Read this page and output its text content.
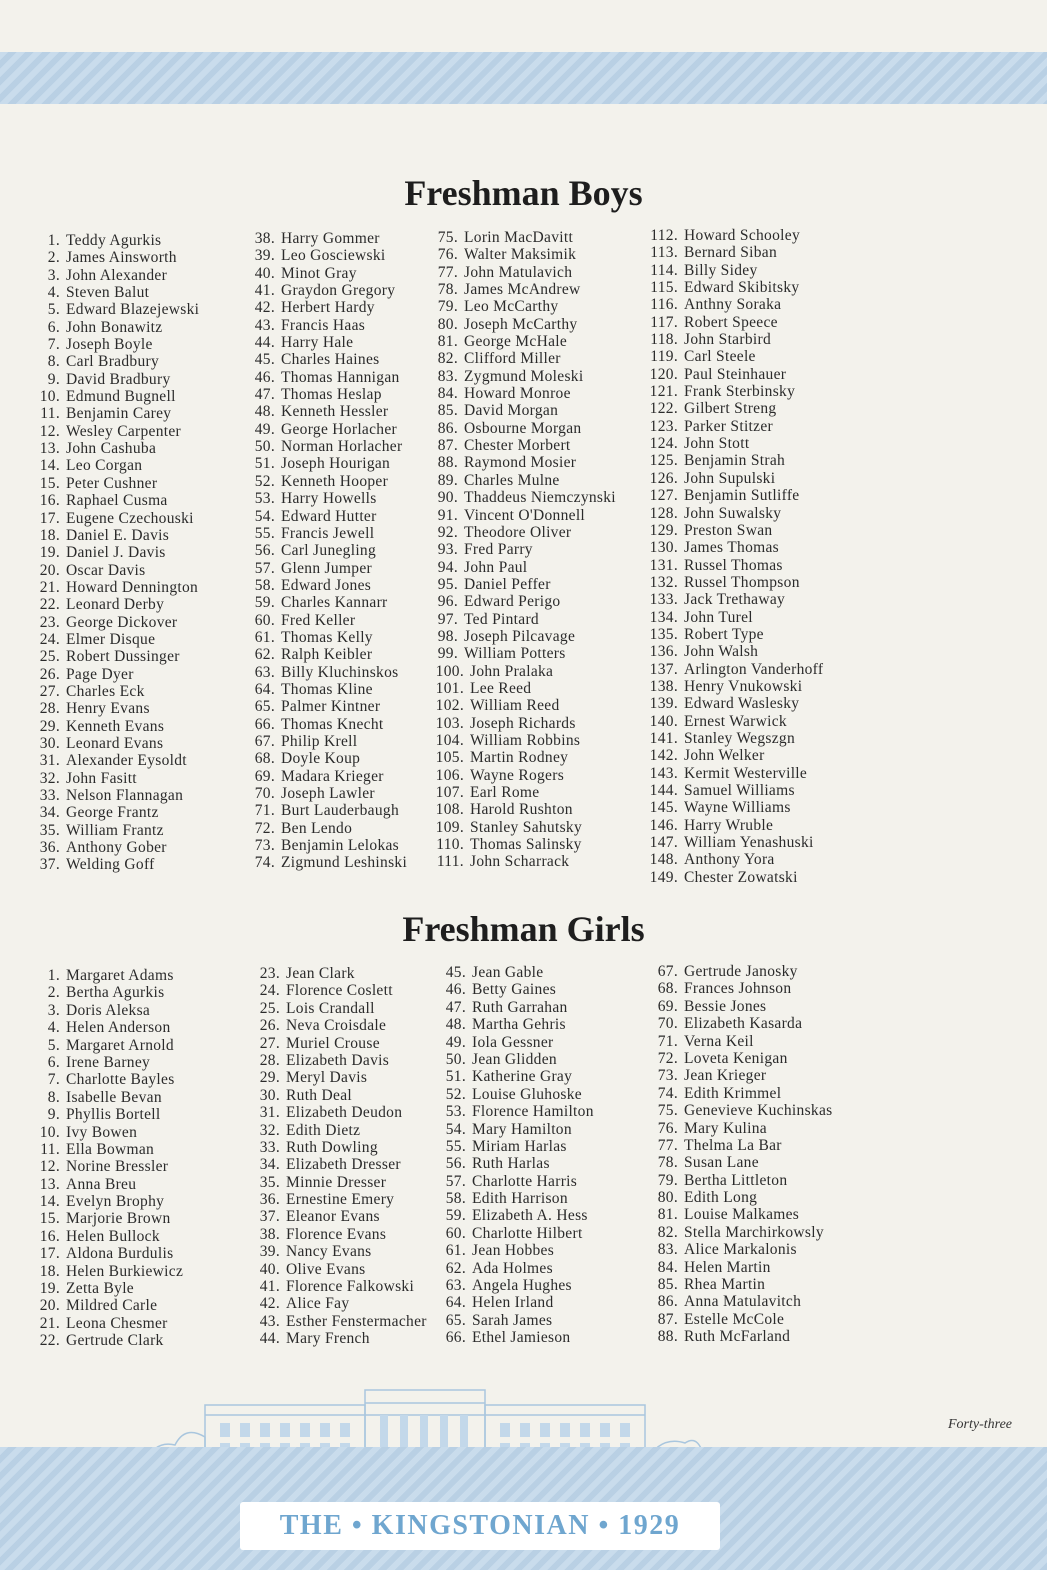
Freshman Boys
1. Teddy Agurkis
2. James Ainsworth
3. John Alexander
4. Steven Balut
5. Edward Blazejewski
6. John Bonawitz
7. Joseph Boyle
8. Carl Bradbury
9. David Bradbury
10. Edmund Bugnell
11. Benjamin Carey
12. Wesley Carpenter
13. John Cashuba
14. Leo Corgan
15. Peter Cushner
16. Raphael Cusma
17. Eugene Czechouski
18. Daniel E. Davis
19. Daniel J. Davis
20. Oscar Davis
21. Howard Dennington
22. Leonard Derby
23. George Dickover
24. Elmer Disque
25. Robert Dussinger
26. Page Dyer
27. Charles Eck
28. Henry Evans
29. Kenneth Evans
30. Leonard Evans
31. Alexander Eysoldt
32. John Fasitt
33. Nelson Flannagan
34. George Frantz
35. William Frantz
36. Anthony Gober
37. Welding Goff
38. Harry Gommer
39. Leo Gosciewski
40. Minot Gray
41. Graydon Gregory
42. Herbert Hardy
43. Francis Haas
44. Harry Hale
45. Charles Haines
46. Thomas Hannigan
47. Thomas Heslap
48. Kenneth Hessler
49. George Horlacher
50. Norman Horlacher
51. Joseph Hourigan
52. Kenneth Hooper
53. Harry Howells
54. Edward Hutter
55. Francis Jewell
56. Carl Junegling
57. Glenn Jumper
58. Edward Jones
59. Charles Kannarr
60. Fred Keller
61. Thomas Kelly
62. Ralph Keibler
63. Billy Kluchinskos
64. Thomas Kline
65. Palmer Kintner
66. Thomas Knecht
67. Philip Krell
68. Doyle Koup
69. Madara Krieger
70. Joseph Lawler
71. Burt Lauderbaugh
72. Ben Lendo
73. Benjamin Lelokas
74. Zigmund Leshinski
75. Lorin MacDavitt
76. Walter Maksimik
77. John Matulavich
78. James McAndrew
79. Leo McCarthy
80. Joseph McCarthy
81. George McHale
82. Clifford Miller
83. Zygmund Moleski
84. Howard Monroe
85. David Morgan
86. Osbourne Morgan
87. Chester Morbert
88. Raymond Mosier
89. Charles Mulne
90. Thaddeus Niemczynski
91. Vincent O'Donnell
92. Theodore Oliver
93. Fred Parry
94. John Paul
95. Daniel Peffer
96. Edward Perigo
97. Ted Pintard
98. Joseph Pilcavage
99. William Potters
100. John Pralaka
101. Lee Reed
102. William Reed
103. Joseph Richards
104. William Robbins
105. Martin Rodney
106. Wayne Rogers
107. Earl Rome
108. Harold Rushton
109. Stanley Sahutsky
110. Thomas Salinsky
111. John Scharrack
112. Howard Schooley
113. Bernard Siban
114. Billy Sidey
115. Edward Skibitsky
116. Anthny Soraka
117. Robert Speece
118. John Starbird
119. Carl Steele
120. Paul Steinhauer
121. Frank Sterbinsky
122. Gilbert Streng
123. Parker Stitzer
124. John Stott
125. Benjamin Strah
126. John Supulski
127. Benjamin Sutliffe
128. John Suwalsky
129. Preston Swan
130. James Thomas
131. Russel Thomas
132. Russel Thompson
133. Jack Trethaway
134. John Turel
135. Robert Type
136. John Walsh
137. Arlington Vanderhoff
138. Henry Vnukowski
139. Edward Waslesky
140. Ernest Warwick
141. Stanley Wegszgn
142. John Welker
143. Kermit Westerville
144. Samuel Williams
145. Wayne Williams
146. Harry Wruble
147. William Yenashuski
148. Anthony Yora
149. Chester Zowatski
Freshman Girls
1. Margaret Adams
2. Bertha Agurkis
3. Doris Aleksa
4. Helen Anderson
5. Margaret Arnold
6. Irene Barney
7. Charlotte Bayles
8. Isabelle Bevan
9. Phyllis Bortell
10. Ivy Bowen
11. Ella Bowman
12. Norine Bressler
13. Anna Breu
14. Evelyn Brophy
15. Marjorie Brown
16. Helen Bullock
17. Aldona Burdulis
18. Helen Burkiewicz
19. Zetta Byle
20. Mildred Carle
21. Leona Chesmer
22. Gertrude Clark
23. Jean Clark
24. Florence Coslett
25. Lois Crandall
26. Neva Croisdale
27. Muriel Crouse
28. Elizabeth Davis
29. Meryl Davis
30. Ruth Deal
31. Elizabeth Deudon
32. Edith Dietz
33. Ruth Dowling
34. Elizabeth Dresser
35. Minnie Dresser
36. Ernestine Emery
37. Eleanor Evans
38. Florence Evans
39. Nancy Evans
40. Olive Evans
41. Florence Falkowski
42. Alice Fay
43. Esther Fenstermacher
44. Mary French
45. Jean Gable
46. Betty Gaines
47. Ruth Garrahan
48. Martha Gehris
49. Iola Gessner
50. Jean Glidden
51. Katherine Gray
52. Louise Gluhoske
53. Florence Hamilton
54. Mary Hamilton
55. Miriam Harlas
56. Ruth Harlas
57. Charlotte Harris
58. Edith Harrison
59. Elizabeth A. Hess
60. Charlotte Hilbert
61. Jean Hobbes
62. Ada Holmes
63. Angela Hughes
64. Helen Irland
65. Sarah James
66. Ethel Jamieson
67. Gertrude Janosky
68. Frances Johnson
69. Bessie Jones
70. Elizabeth Kasarda
71. Verna Keil
72. Loveta Kenigan
73. Jean Krieger
74. Edith Krimmel
75. Genevieve Kuchinskas
76. Mary Kulina
77. Thelma La Bar
78. Susan Lane
79. Bertha Littleton
80. Edith Long
81. Louise Malkames
82. Stella Marchirkowsly
83. Alice Markalonis
84. Helen Martin
85. Rhea Martin
86. Anna Matulavitch
87. Estelle McCole
88. Ruth McFarland
Forty-three
THE • KINGSTONIAN • 1929
